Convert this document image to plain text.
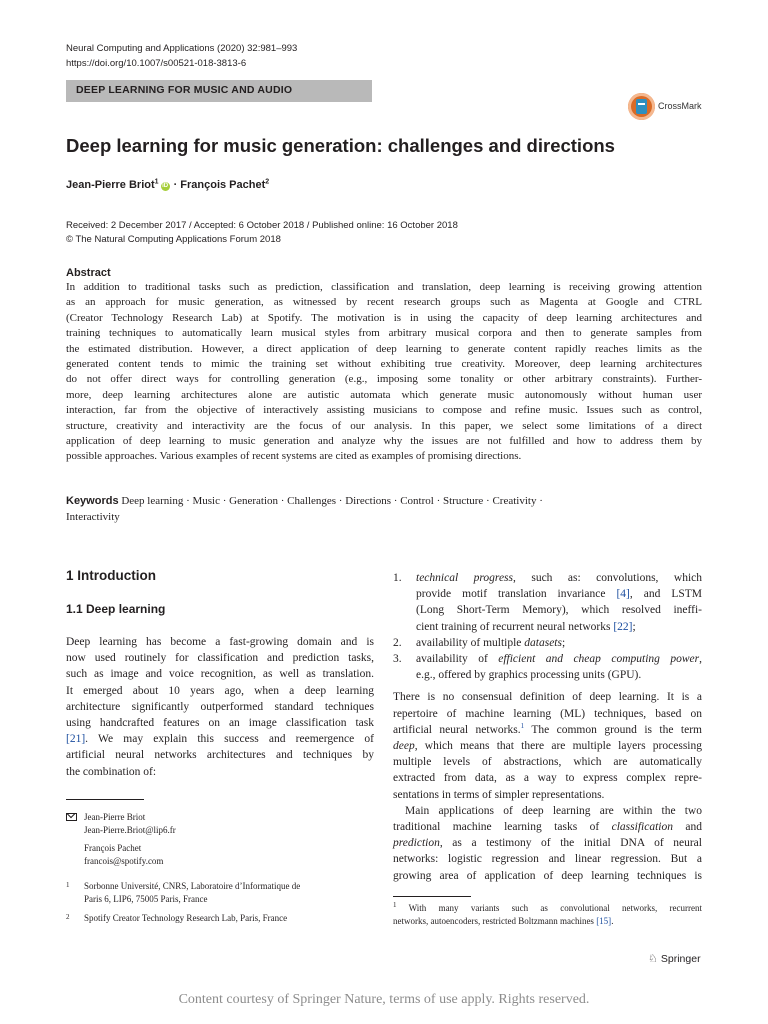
Neural Computing and Applications (2020) 32:981–993
https://doi.org/10.1007/s00521-018-3813-6
DEEP LEARNING FOR MUSIC AND AUDIO
CrossMark
Deep learning for music generation: challenges and directions
Jean-Pierre Briot$^1$iD · François Pachet$^2$
Received: 2 December 2017 / Accepted: 6 October 2018 / Published online: 16 October 2018
© The Natural Computing Applications Forum 2018
Abstract
In addition to traditional tasks such as prediction, classification and translation, deep learning is receiving growing attention
as an approach for music generation, as witnessed by recent research groups such as Magenta at Google and CTRL
(Creator Technology Research Lab) at Spotify. The motivation is in using the capacity of deep learning architectures and
training techniques to automatically learn musical styles from arbitrary musical corpora and then to generate samples from
the estimated distribution. However, a direct application of deep learning to generate content rapidly reaches limits as the
generated content tends to mimic the training set without exhibiting true creativity. Moreover, deep learning architectures
do not offer direct ways for controlling generation (e.g., imposing some tonality or other arbitrary constraints). Further-
more, deep learning architectures alone are autistic automata which generate music autonomously without human user
interaction, far from the objective of interactively assisting musicians to compose and refine music. Issues such as control,
structure, creativity and interactivity are the focus of our analysis. In this paper, we select some limitations of a direct
application of deep learning to music generation and analyze why the issues are not fulfilled and how to address them by
possible approaches. Various examples of recent systems are cited as examples of promising directions.
Keywords Deep learning · Music · Generation · Challenges · Directions · Control · Structure · Creativity ·
Interactivity
1 Introduction
1.1 Deep learning
Deep learning has become a fast-growing domain and is
now used routinely for classification and prediction tasks,
such as image and voice recognition, as well as translation.
It emerged about 10 years ago, when a deep learning
architecture significantly outperformed standard techniques
using handcrafted features on an image classification task
[21]. We may explain this success and reemergence of
artificial neural networks architectures and techniques by
the combination of:
Jean-Pierre Briot
Jean-Pierre.Briot@lip6.fr
François Pachet
francois@spotify.com
1 Sorbonne Université, CNRS, Laboratoire d’Informatique de
Paris 6, LIP6, 75005 Paris, France
2 Spotify Creator Technology Research Lab, Paris, France
1. technical progress, such as: convolutions, which
provide motif translation invariance [4], and LSTM
(Long Short-Term Memory), which resolved ineffi-
cient training of recurrent neural networks [22];
2. availability of multiple datasets;
3. availability of efficient and cheap computing power,
e.g., offered by graphics processing units (GPU).
There is no consensual definition of deep learning. It is a
repertoire of machine learning (ML) techniques, based on
artificial neural networks.$^1$ The common ground is the term
deep, which means that there are multiple layers processing
multiple levels of abstractions, which are automatically
extracted from data, as a way to express complex repre-
sentations in terms of simpler representations.
Main applications of deep learning are within the two
traditional machine learning tasks of classification and
prediction, as a testimony of the initial DNA of neural
networks: logistic regression and linear regression. But a
growing area of application of deep learning techniques is
$^1$ With many variants such as convolutional networks, recurrent
networks, autoencoders, restricted Boltzmann machines [15].
♘ Springer
Content courtesy of Springer Nature, terms of use apply. Rights reserved.
